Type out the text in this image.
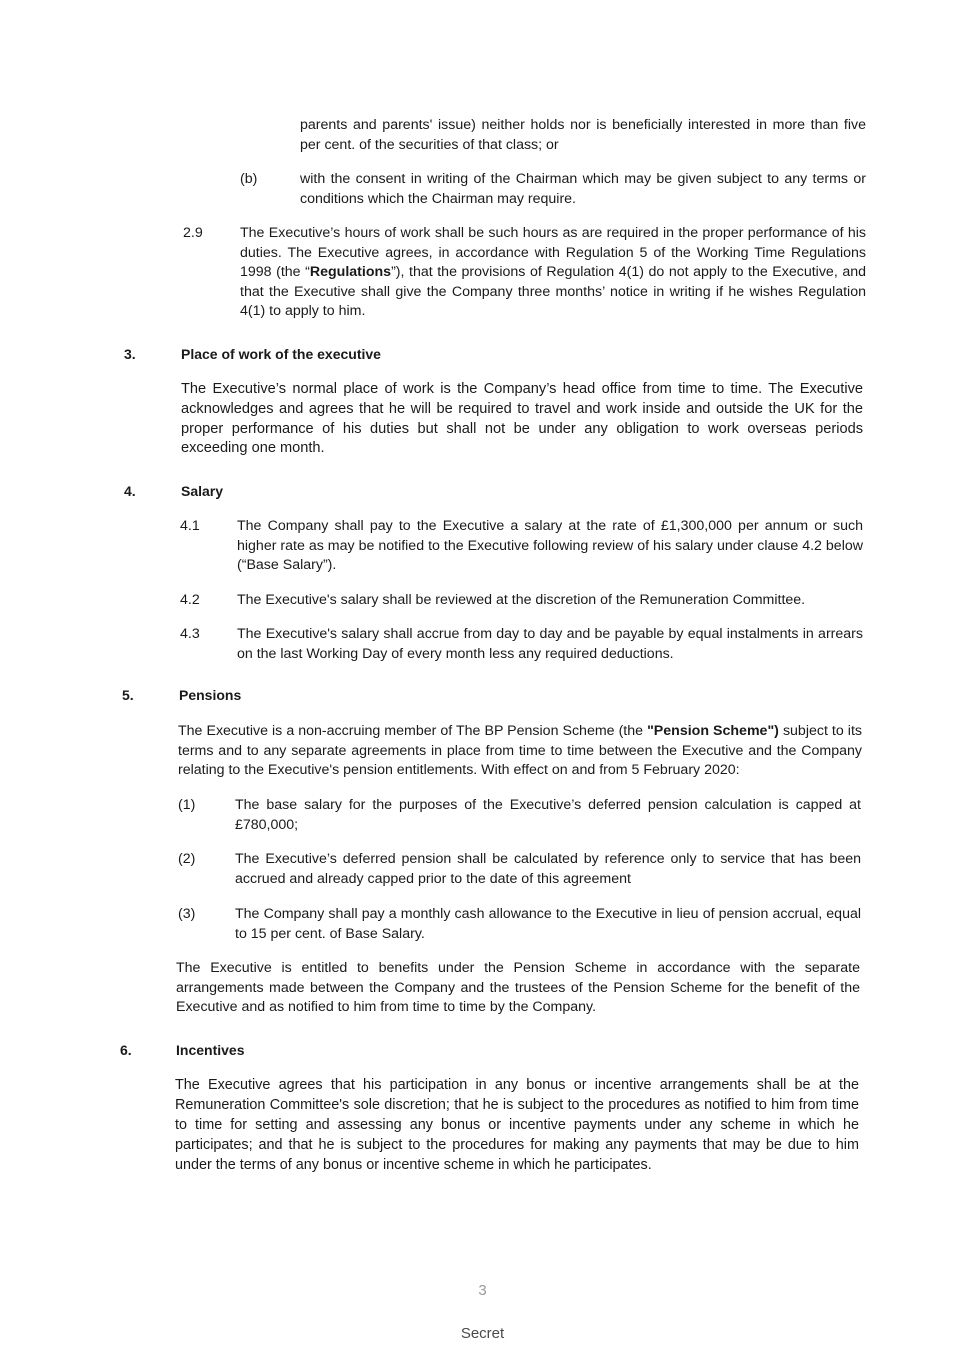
parents and parents' issue) neither holds nor is beneficially interested in more than five per cent. of the securities of that class; or

(b)	with the consent in writing of the Chairman which may be given subject to any terms or conditions which the Chairman may require.

2.9	The Executive’s hours of work shall be such hours as are required in the proper performance of his duties. The Executive agrees, in accordance with Regulation 5 of the Working Time Regulations 1998 (the “Regulations”), that the provisions of Regulation 4(1) do not apply to the Executive, and that the Executive shall give the Company three months’ notice in writing if he wishes Regulation 4(1) to apply to him.

3.	Place of work of the executive

The Executive’s normal place of work is the Company’s head office from time to time. The Executive acknowledges and agrees that he will be required to travel and work inside and outside the UK for the proper performance of his duties but shall not be under any obligation to work overseas periods exceeding one month.

4.	Salary
4.1	The Company shall pay to the Executive a salary at the rate of £1,300,000 per annum or such higher rate as may be notified to the Executive following review of his salary under clause 4.2 below (“Base Salary”).

4.2	The Executive's salary shall be reviewed at the discretion of the Remuneration Committee.

4.3	The Executive's salary shall accrue from day to day and be payable by equal instalments in arrears on the last Working Day of every month less any required deductions.

5.	Pensions

The Executive is a non-accruing member of The BP Pension Scheme (the "Pension Scheme") subject to its terms and to any separate agreements in place from time to time between the Executive and the Company relating to the Executive's pension entitlements. With effect on and from 5 February 2020:

(1)	The base salary for the purposes of the Executive’s deferred pension calculation is capped at £780,000;

(2)	The Executive’s deferred pension shall be calculated by reference only to service that has been accrued and already capped prior to the date of this agreement

(3)	The Company shall pay a monthly cash allowance to the Executive in lieu of pension accrual, equal to 15 per cent. of Base Salary.

The Executive is entitled to benefits under the Pension Scheme in accordance with the separate arrangements made between the Company and the trustees of the Pension Scheme for the benefit of the Executive and as notified to him from time to time by the Company.

6.	Incentives

The Executive agrees that his participation in any bonus or incentive arrangements shall be at the Remuneration Committee's sole discretion; that he is subject to the procedures as notified to him from time to time for setting and assessing any bonus or incentive payments under any scheme in which he participates; and that he is subject to the procedures for making any payments that may be due to him under the terms of any bonus or incentive scheme in which he participates.

3
Secret
